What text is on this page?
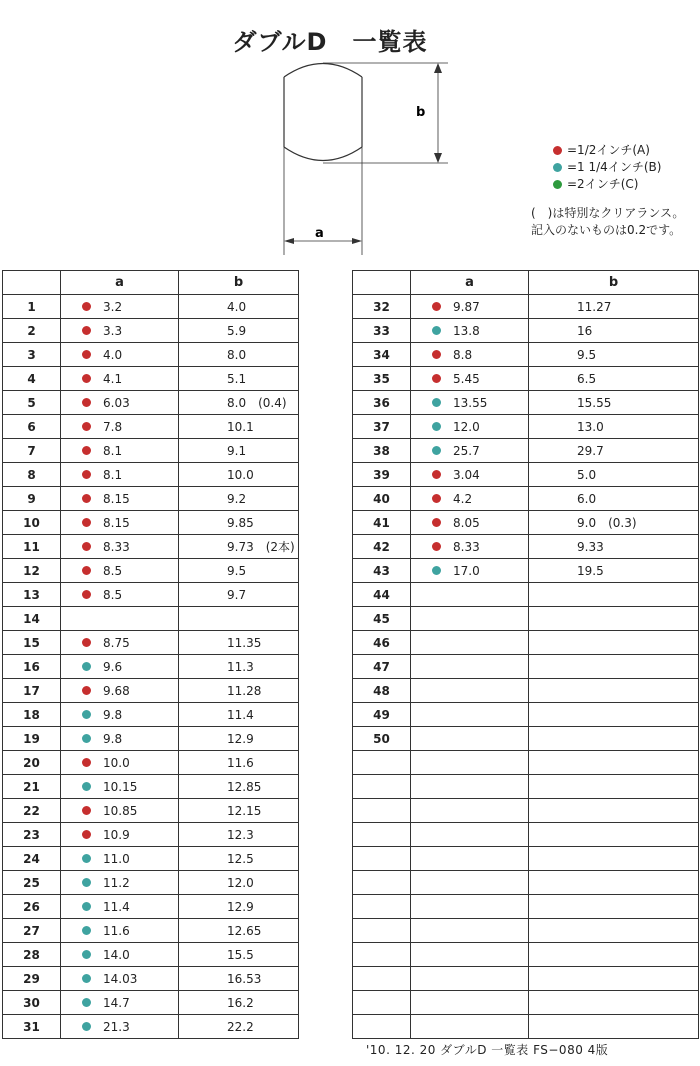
ダブルD　一覧表
b
a
=1/2インチ(A)
=1 1/4インチ(B)
=2インチ(C)
(　)は特別なクリアランス。
記入のないものは0.2です。
	a	b
1	3.2	4.0
2	3.3	5.9
3	4.0	8.0
4	4.1	5.1
5	6.03	8.0 (0.4)
6	7.8	10.1
7	8.1	9.1
8	8.1	10.0
9	8.15	9.2
10	8.15	9.85
11	8.33	9.73 (2本)
12	8.5	9.5
13	8.5	9.7
14	

15	8.75	11.35
16	9.6	11.3
17	9.68	11.28
18	9.8	11.4
19	9.8	12.9
20	10.0	11.6
21	10.15	12.85
22	10.85	12.15
23	10.9	12.3
24	11.0	12.5
25	11.2	12.0
26	11.4	12.9
27	11.6	12.65
28	14.0	15.5
29	14.03	16.53
30	14.7	16.2
31	21.3	22.2
	a	b
32	9.87	11.27
33	13.8	16
34	8.8	9.5
35	5.45	6.5
36	13.55	15.55
37	12.0	13.0
38	25.7	29.7
39	3.04	5.0
40	4.2	6.0
41	8.05	9.0 (0.3)
42	8.33	9.33
43	17.0	19.5
44	

45	

46	

47	

48	

49	

50	

'10. 12. 20 ダブルD 一覧表 FS−080 4版
